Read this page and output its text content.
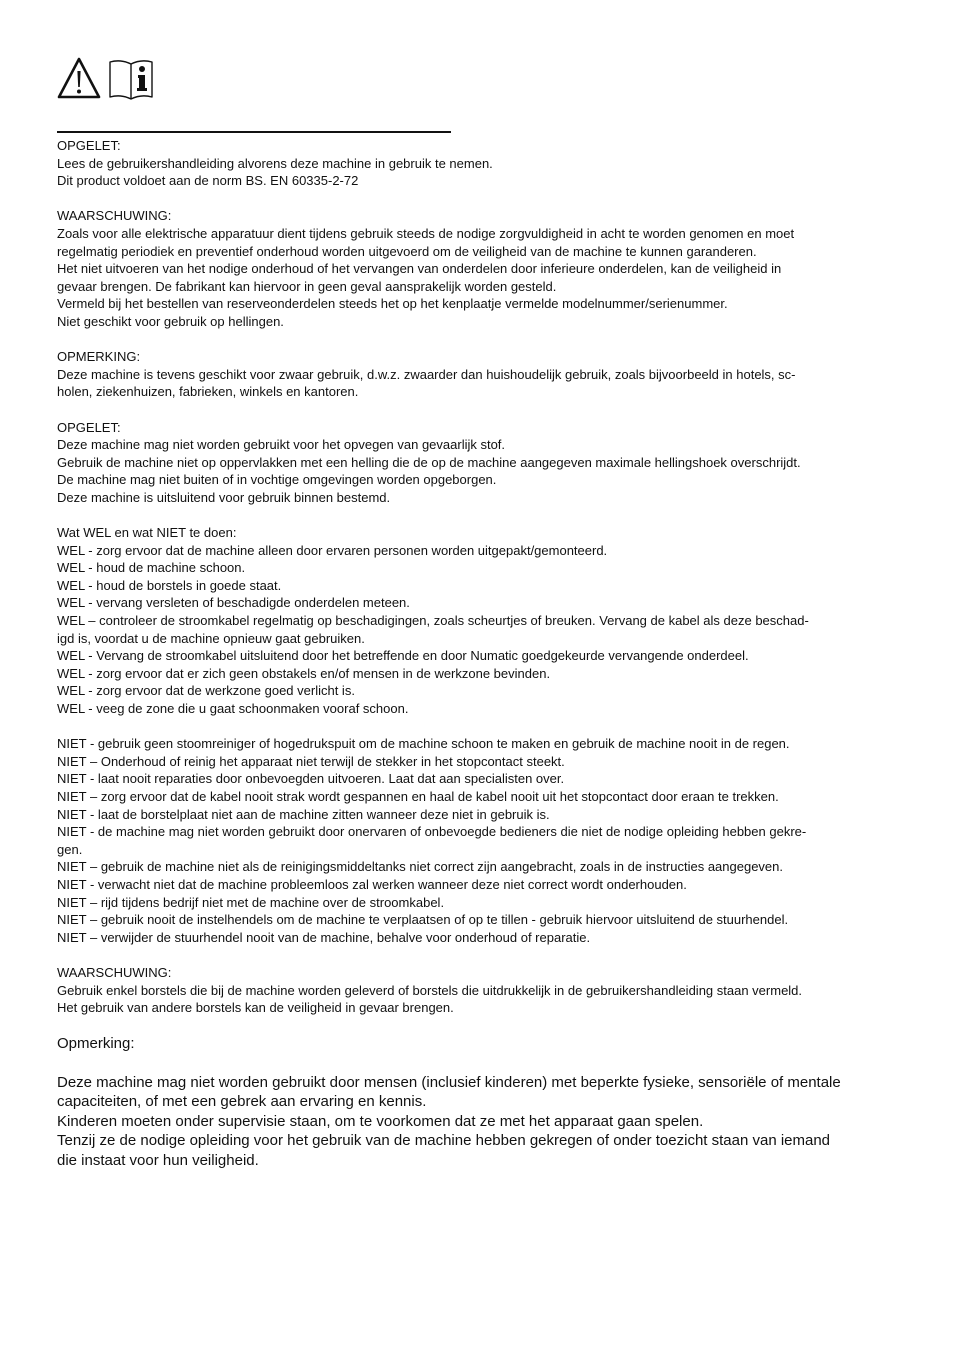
OPGELET:

Lees de gebruikershandleiding alvorens deze machine in gebruik te nemen.

Dit product voldoet aan de norm BS. EN 60335-2-72

WAARSCHUWING:

Zoals voor alle elektrische apparatuur dient tijdens gebruik steeds de nodige zorgvuldigheid in acht te worden genomen en moet

regelmatig periodiek en preventief onderhoud worden uitgevoerd om de veiligheid van de machine te kunnen garanderen.

Het niet uitvoeren van het nodige onderhoud of het vervangen van onderdelen door inferieure onderdelen, kan de veiligheid in

gevaar brengen. De fabrikant kan hiervoor in geen geval aansprakelijk worden gesteld.

Vermeld bij het bestellen van reserveonderdelen steeds het op het kenplaatje vermelde modelnummer/serienummer.

Niet geschikt voor gebruik op hellingen.

OPMERKING:

Deze machine is tevens geschikt voor zwaar gebruik, d.w.z. zwaarder dan huishoudelijk gebruik, zoals bijvoorbeeld in hotels, sc-

holen, ziekenhuizen, fabrieken, winkels en kantoren.

OPGELET:

Deze machine mag niet worden gebruikt voor het opvegen van gevaarlijk stof.

Gebruik de machine niet op oppervlakken met een helling die de op de machine aangegeven maximale hellingshoek overschrijdt.

De machine mag niet buiten of in vochtige omgevingen worden opgeborgen.

Deze machine is uitsluitend voor gebruik binnen bestemd.

Wat WEL en wat NIET te doen:

WEL - zorg ervoor dat de machine alleen door ervaren personen worden uitgepakt/gemonteerd.

WEL - houd de machine schoon.

WEL - houd de borstels in goede staat.

WEL - vervang versleten of beschadigde onderdelen meteen.

WEL – controleer de stroomkabel regelmatig op beschadigingen, zoals scheurtjes of breuken. Vervang de kabel als deze beschad-

igd is, voordat u de machine opnieuw gaat gebruiken.

WEL - Vervang de stroomkabel uitsluitend door het betreffende en door Numatic goedgekeurde vervangende onderdeel.

WEL - zorg ervoor dat er zich geen obstakels en/of mensen in de werkzone bevinden.

WEL - zorg ervoor dat de werkzone goed verlicht is.

WEL - veeg de zone die u gaat schoonmaken vooraf schoon.

NIET - gebruik geen stoomreiniger of hogedrukspuit om de machine schoon te maken en gebruik de machine nooit in de regen.

NIET – Onderhoud of reinig het apparaat niet terwijl de stekker in het stopcontact steekt.

NIET - laat nooit reparaties door onbevoegden uitvoeren. Laat dat aan specialisten over.

NIET – zorg ervoor dat de kabel nooit strak wordt gespannen en haal de kabel nooit uit het stopcontact door eraan te trekken.

NIET - laat de borstelplaat niet aan de machine zitten wanneer deze niet in gebruik is.

NIET - de machine mag niet worden gebruikt door onervaren of onbevoegde bedieners die niet de nodige opleiding hebben gekre-

gen.

NIET – gebruik de machine niet als de reinigingsmiddeltanks niet correct zijn aangebracht, zoals in de instructies aangegeven.

NIET - verwacht niet dat de machine probleemloos zal werken wanneer deze niet correct wordt onderhouden.

NIET – rijd tijdens bedrijf niet met de machine over de stroomkabel.

NIET – gebruik nooit de instelhendels om de machine te verplaatsen of op te tillen - gebruik hiervoor uitsluitend de stuurhendel.

NIET – verwijder de stuurhendel nooit van de machine, behalve voor onderhoud of reparatie.

WAARSCHUWING:

Gebruik enkel borstels die bij de machine worden geleverd of borstels die uitdrukkelijk in de gebruikershandleiding staan vermeld.

Het gebruik van andere borstels kan de veiligheid in gevaar brengen.

Opmerking:

Deze machine mag niet worden gebruikt door mensen (inclusief kinderen) met beperkte fysieke, sensoriële of mentale

capaciteiten, of met een gebrek aan ervaring en kennis.

Kinderen moeten onder supervisie staan, om te voorkomen dat ze met het apparaat gaan spelen.

Tenzij ze de nodige opleiding voor het gebruik van de machine hebben gekregen of onder toezicht staan van iemand

die instaat voor hun veiligheid.
